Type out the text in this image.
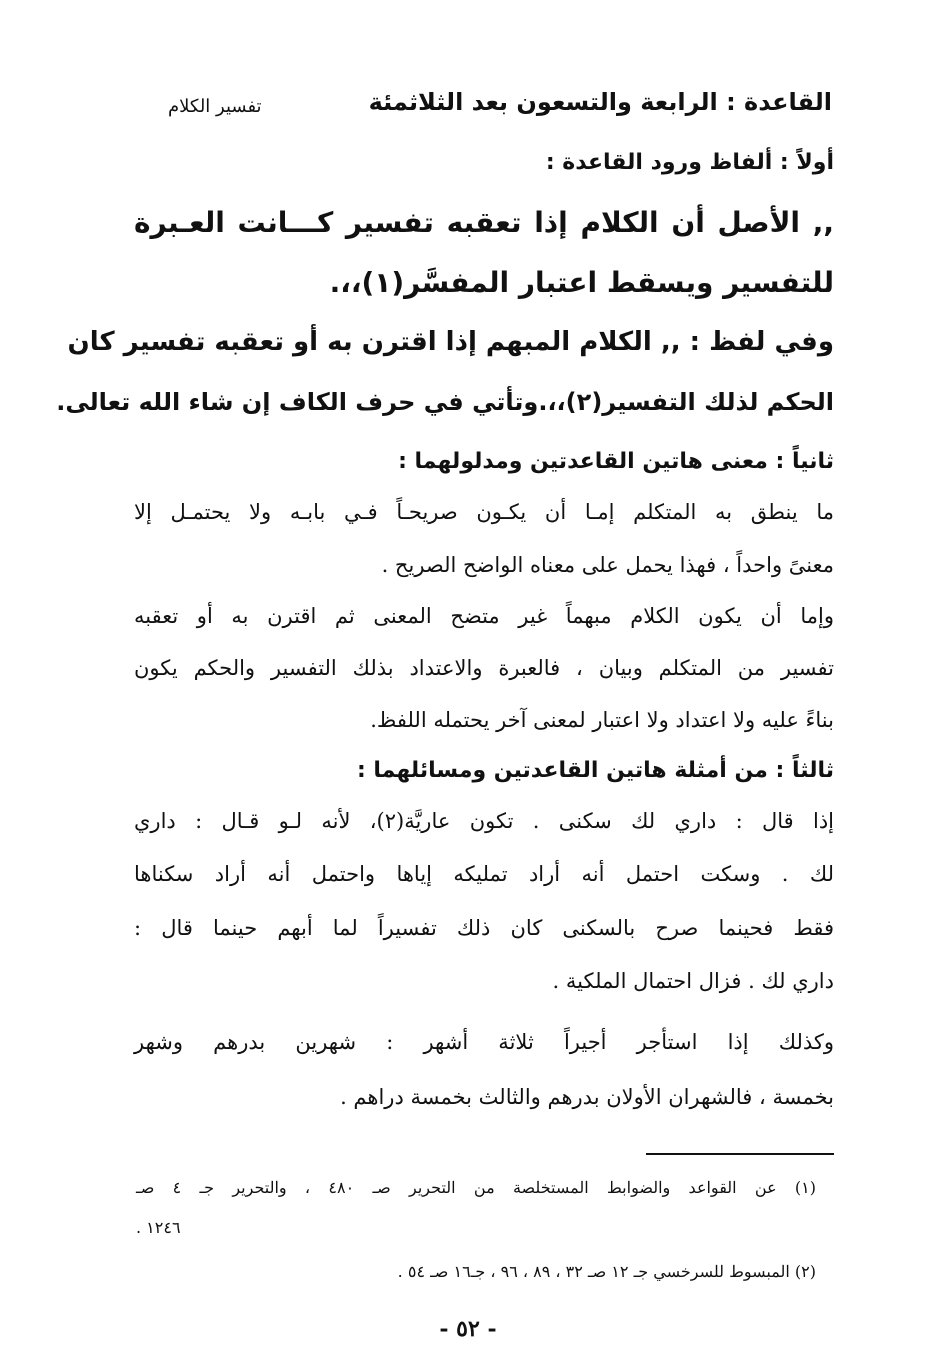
القاعدة : الرابعة والتسعون بعد الثلاثمئة
تفسير الكلام
أولاً : ألفاظ ورود القاعدة :
,, الأصل أن الكلام إذا تعقبه تفسير كـــانت العـبرة
للتفسير ويسقط اعتبار المفسَّر(١)،،.
وفي لفظ : ,, الكلام المبهم إذا اقترن به أو تعقبه تفسير كان
الحكم لذلك التفسير(٢)،،.وتأتي في حرف الكاف إن شاء الله تعالى.
ثانياً : معنى هاتين القاعدتين ومدلولهما :
ما ينطق به المتكلم إمـا أن يكـون صريحـاً فـي بابـه ولا يحتمـل إلا
معنىً واحداً ، فهذا يحمل على معناه الواضح الصريح .
وإما أن يكون الكلام مبهماً غير متضح المعنى ثم اقترن به أو تعقبه
تفسير من المتكلم وبيان ، فالعبرة والاعتداد بذلك التفسير والحكم يكون
بناءً عليه ولا اعتداد ولا اعتبار لمعنى آخر يحتمله اللفظ.
ثالثاً : من أمثلة هاتين القاعدتين ومسائلهما :
إذا قال : داري لك سكنى . تكون عاريَّة(٢)، لأنه لـو قـال : داري
لك . وسكت احتمل أنه أراد تمليكه إياها واحتمل أنه أراد سكناها
فقط فحينما صرح بالسكنى كان ذلك تفسيراً لما أبهم حينما قال :
داري لك . فزال احتمال الملكية .
وكذلك إذا استأجر أجيراً ثلاثة أشهر : شهرين بدرهم وشهر
بخمسة ، فالشهران الأولان بدرهم والثالث بخمسة دراهم .
(١) عن القواعد والضوابط المستخلصة من التحرير صـ ٤٨٠ ، والتحرير جـ ٤ صـ
١٢٤٦ .
(٢) المبسوط للسرخسي جـ ١٢ صـ ٣٢ ، ٨٩ ، ٩٦ ، جـ١٦ صـ ٥٤ .
- ٥٢ -
